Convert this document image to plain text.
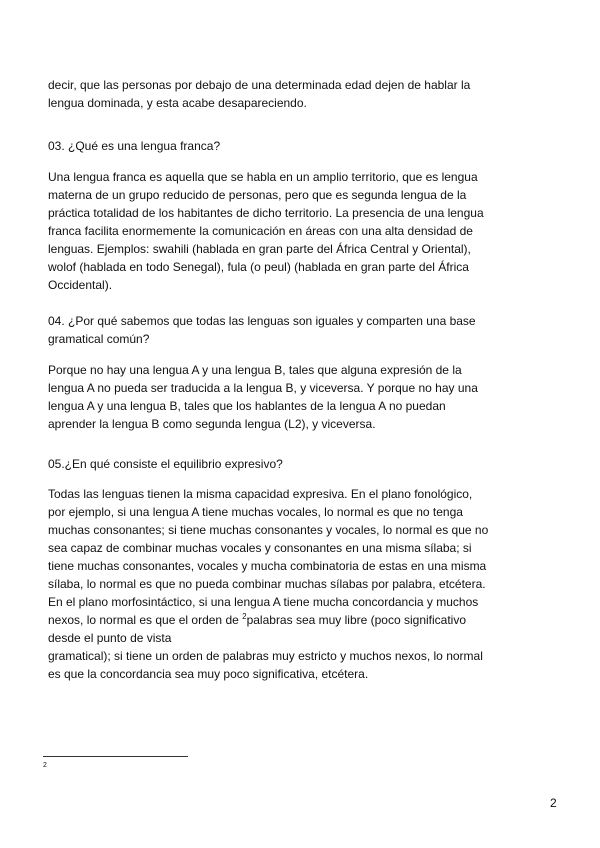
decir, que las personas por debajo de una determinada edad dejen de hablar la
lengua dominada, y esta acabe desapareciendo.
03. ¿Qué es una lengua franca?
Una lengua franca es aquella que se habla en un amplio territorio, que es lengua
materna de un grupo reducido de personas, pero que es segunda lengua de la
práctica totalidad de los habitantes de dicho territorio. La presencia de una lengua
franca facilita enormemente la comunicación en áreas con una alta densidad de
lenguas. Ejemplos: swahili (hablada en gran parte del África Central y Oriental),
wolof (hablada en todo Senegal), fula (o peul) (hablada en gran parte del África
Occidental).
04. ¿Por qué sabemos que todas las lenguas son iguales y comparten una base
gramatical común?
Porque no hay una lengua A y una lengua B, tales que alguna expresión de la
lengua A no pueda ser traducida a la lengua B, y viceversa. Y porque no hay una
lengua A y una lengua B, tales que los hablantes de la lengua A no puedan
aprender la lengua B como segunda lengua (L2), y viceversa.
05.¿En qué consiste el equilibrio expresivo?
Todas las lenguas tienen la misma capacidad expresiva. En el plano fonológico,
por ejemplo, si una lengua A tiene muchas vocales, lo normal es que no tenga
muchas consonantes; si tiene muchas consonantes y vocales, lo normal es que no
sea capaz de combinar muchas vocales y consonantes en una misma sílaba; si
tiene muchas consonantes, vocales y mucha combinatoria de estas en una misma
sílaba, lo normal es que no pueda combinar muchas sílabas por palabra, etcétera.
En el plano morfosintáctico, si una lengua A tiene mucha concordancia y muchos
nexos, lo normal es que el orden de $^2$palabras sea muy libre (poco significativo
desde el punto de vista
gramatical); si tiene un orden de palabras muy estricto y muchos nexos, lo normal
es que la concordancia sea muy poco significativa, etcétera.
2
2
